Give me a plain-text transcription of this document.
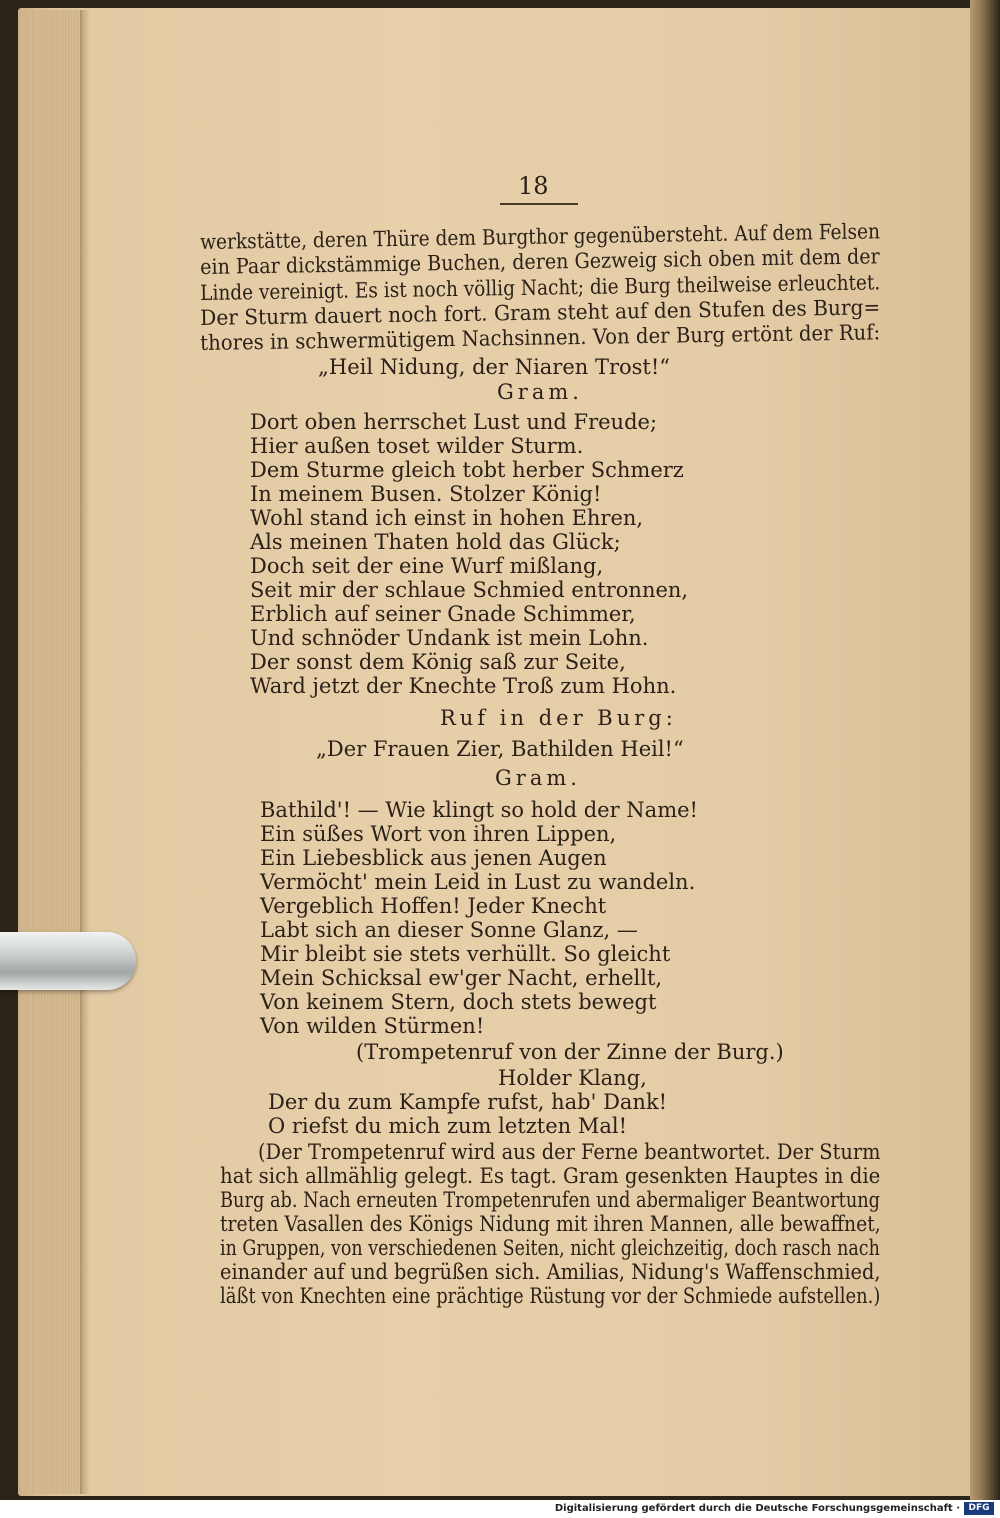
18
werkstätte, deren Thüre dem Burgthor gegenübersteht. Auf dem Felsen
ein Paar dickstämmige Buchen, deren Gezweig sich oben mit dem der
Linde vereinigt. Es ist noch völlig Nacht; die Burg theilweise erleuchtet.
Der Sturm dauert noch fort. Gram steht auf den Stufen des Burg=
thores in schwermütigem Nachsinnen. Von der Burg ertönt der Ruf:
„Heil Nidung, der Niaren Trost!“
Gram.
Dort oben herrschet Lust und Freude;
Hier außen toset wilder Sturm.
Dem Sturme gleich tobt herber Schmerz
In meinem Busen. Stolzer König!
Wohl stand ich einst in hohen Ehren,
Als meinen Thaten hold das Glück;
Doch seit der eine Wurf mißlang,
Seit mir der schlaue Schmied entronnen,
Erblich auf seiner Gnade Schimmer,
Und schnöder Undank ist mein Lohn.
Der sonst dem König saß zur Seite,
Ward jetzt der Knechte Troß zum Hohn.
Ruf in der Burg:
„Der Frauen Zier, Bathilden Heil!“
Gram.
Bathild'! — Wie klingt so hold der Name!
Ein süßes Wort von ihren Lippen,
Ein Liebesblick aus jenen Augen
Vermöcht' mein Leid in Lust zu wandeln.
Vergeblich Hoffen! Jeder Knecht
Labt sich an dieser Sonne Glanz, —
Mir bleibt sie stets verhüllt. So gleicht
Mein Schicksal ew'ger Nacht, erhellt,
Von keinem Stern, doch stets bewegt
Von wilden Stürmen!
(Trompetenruf von der Zinne der Burg.)
Holder Klang,
Der du zum Kampfe rufst, hab' Dank!
O riefst du mich zum letzten Mal!
(Der Trompetenruf wird aus der Ferne beantwortet. Der Sturm
hat sich allmählig gelegt. Es tagt. Gram gesenkten Hauptes in die
Burg ab. Nach erneuten Trompetenrufen und abermaliger Beantwortung
treten Vasallen des Königs Nidung mit ihren Mannen, alle bewaffnet,
in Gruppen, von verschiedenen Seiten, nicht gleichzeitig, doch rasch nach
einander auf und begrüßen sich. Amilias, Nidung's Waffenschmied,
läßt von Knechten eine prächtige Rüstung vor der Schmiede aufstellen.)
Digitalisierung gefördert durch die Deutsche Forschungsgemeinschaft · DFG
